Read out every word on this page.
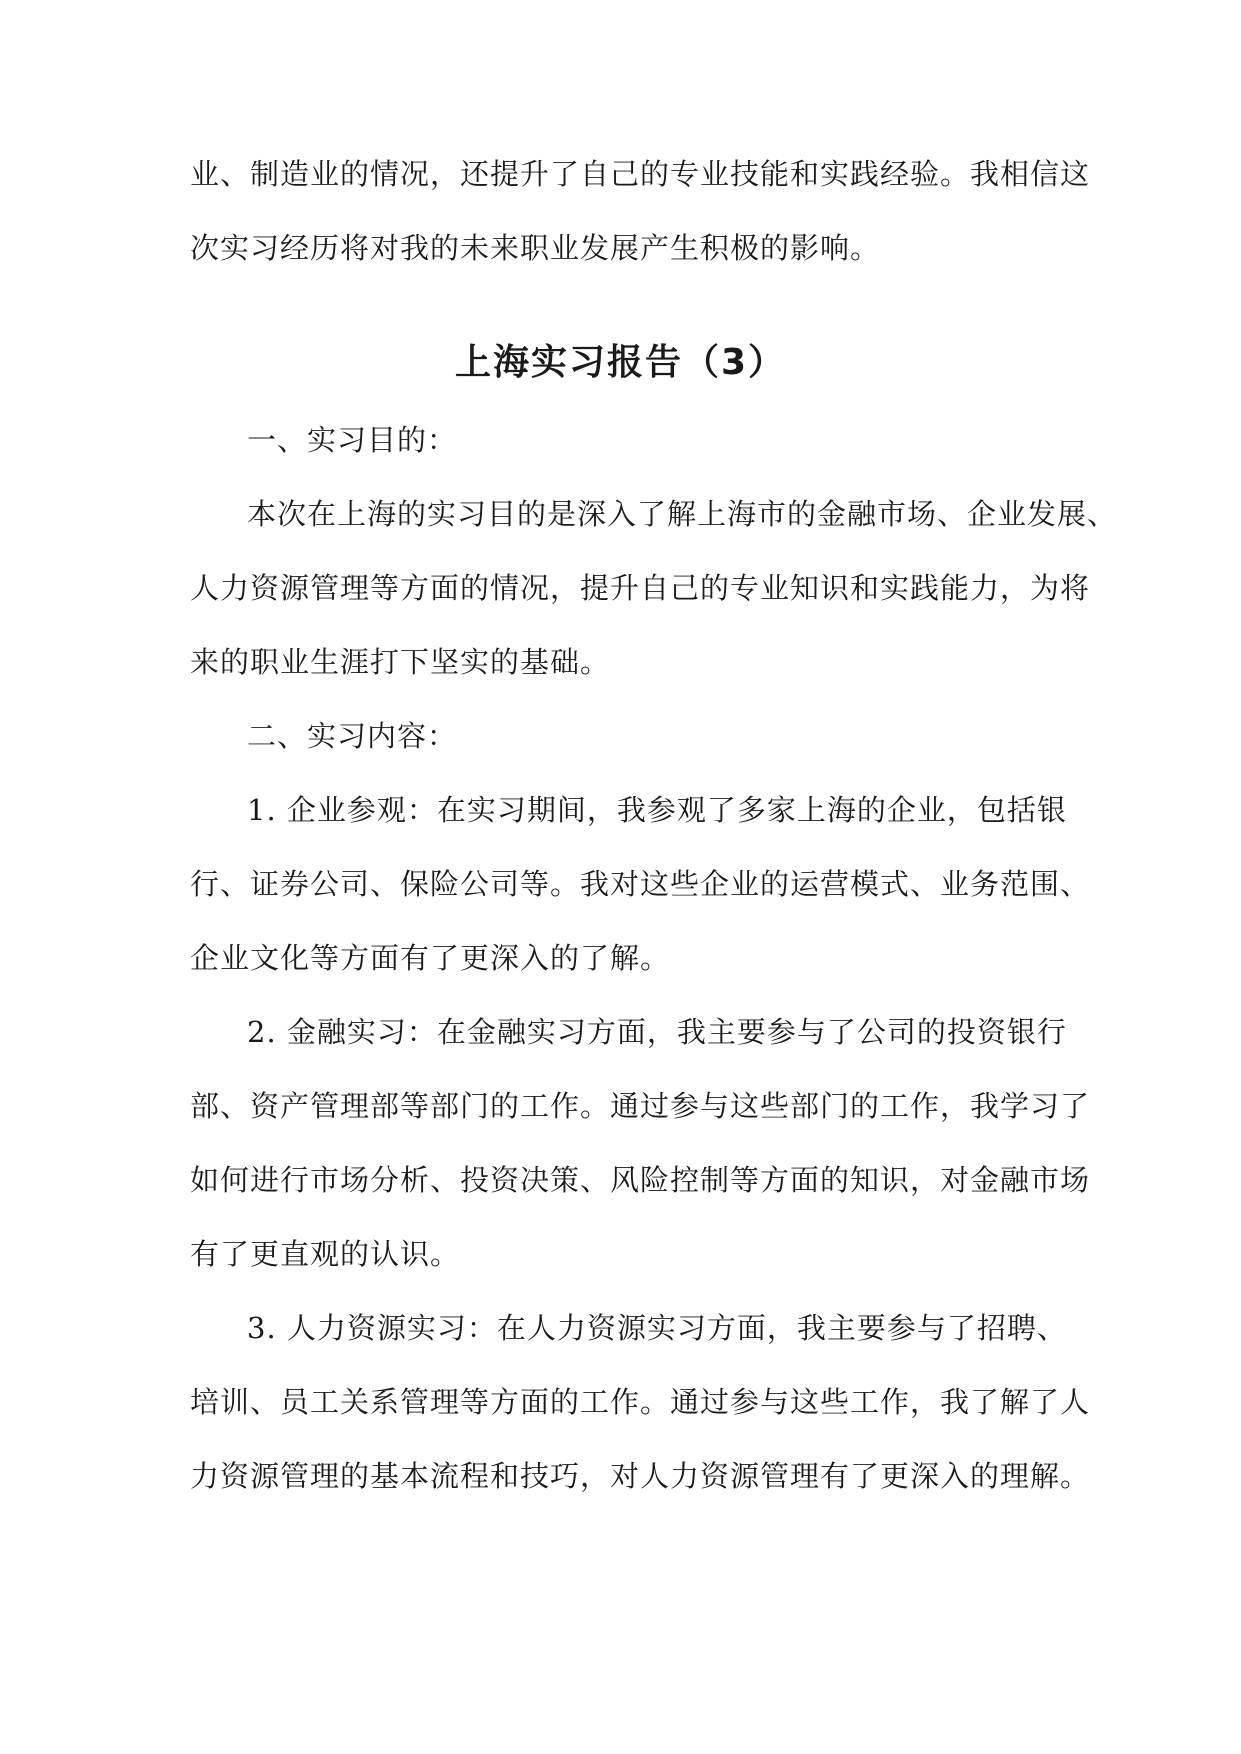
业、制造业的情况，还提升了自己的专业技能和实践经验。我相信这
次实习经历将对我的未来职业发展产生积极的影响。
上海实习报告（3）
一、实习目的：
本次在上海的实习目的是深入了解上海市的金融市场、企业发展、
人力资源管理等方面的情况，提升自己的专业知识和实践能力，为将
来的职业生涯打下坚实的基础。
二、实习内容：
1. 企业参观：在实习期间，我参观了多家上海的企业，包括银
行、证券公司、保险公司等。我对这些企业的运营模式、业务范围、
企业文化等方面有了更深入的了解。
2. 金融实习：在金融实习方面，我主要参与了公司的投资银行
部、资产管理部等部门的工作。通过参与这些部门的工作，我学习了
如何进行市场分析、投资决策、风险控制等方面的知识，对金融市场
有了更直观的认识。
3. 人力资源实习：在人力资源实习方面，我主要参与了招聘、
培训、员工关系管理等方面的工作。通过参与这些工作，我了解了人
力资源管理的基本流程和技巧，对人力资源管理有了更深入的理解。
